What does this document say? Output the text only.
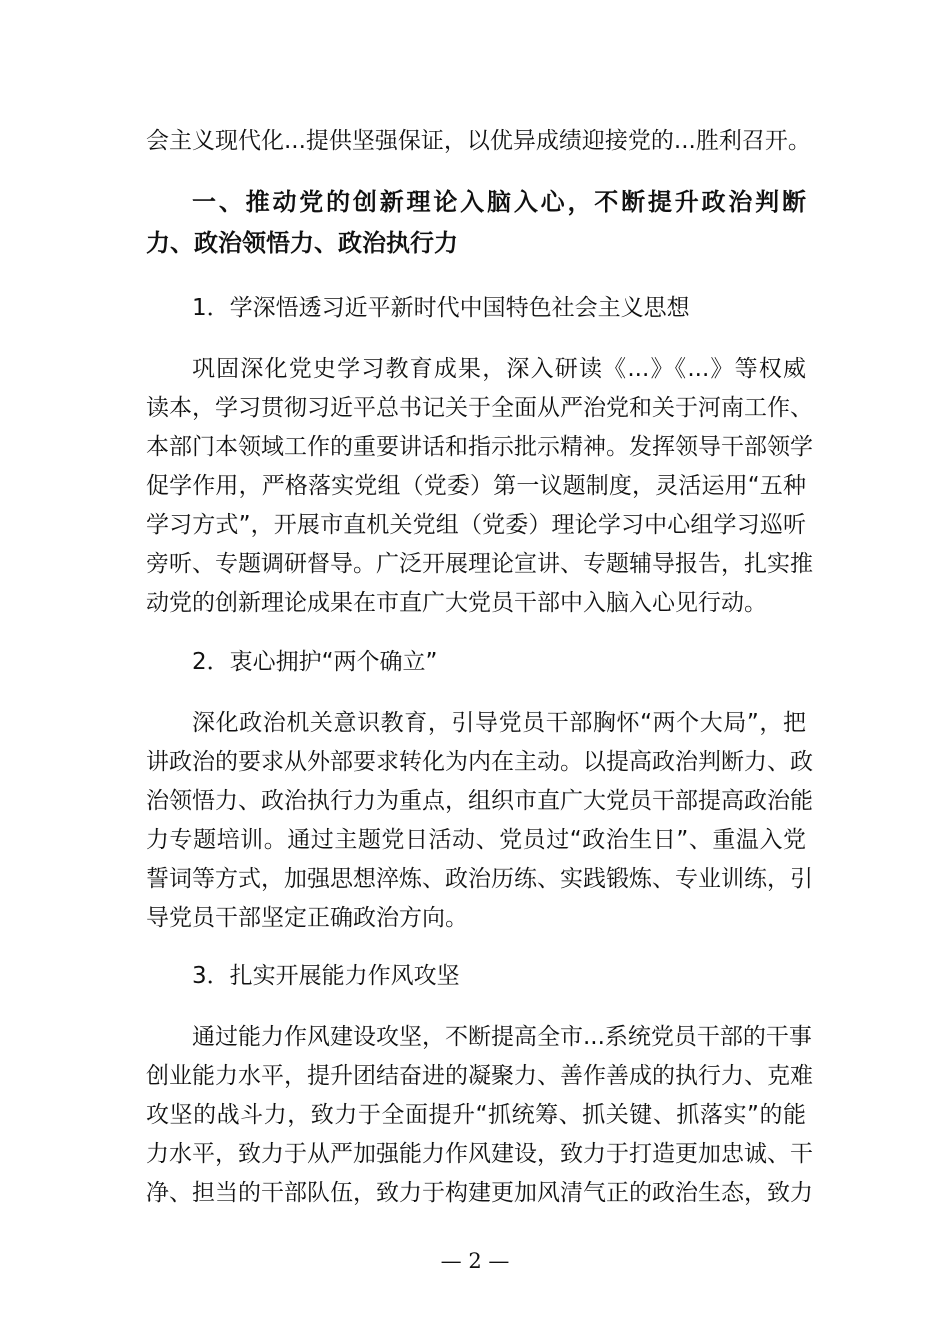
会主义现代化...提供坚强保证，以优异成绩迎接党的...胜利召开。
一、推动党的创新理论入脑入心，不断提升政治判断
力、政治领悟力、政治执行力
1．学深悟透习近平新时代中国特色社会主义思想
巩固深化党史学习教育成果，深入研读《...》《...》等权威
读本，学习贯彻习近平总书记关于全面从严治党和关于河南工作、
本部门本领域工作的重要讲话和指示批示精神。发挥领导干部领学
促学作用，严格落实党组（党委）第一议题制度，灵活运用“五种
学习方式”，开展市直机关党组（党委）理论学习中心组学习巡听
旁听、专题调研督导。广泛开展理论宣讲、专题辅导报告，扎实推
动党的创新理论成果在市直广大党员干部中入脑入心见行动。
2．衷心拥护“两个确立”
深化政治机关意识教育，引导党员干部胸怀“两个大局”，把
讲政治的要求从外部要求转化为内在主动。以提高政治判断力、政
治领悟力、政治执行力为重点，组织市直广大党员干部提高政治能
力专题培训。通过主题党日活动、党员过“政治生日”、重温入党
誓词等方式，加强思想淬炼、政治历练、实践锻炼、专业训练，引
导党员干部坚定正确政治方向。
3．扎实开展能力作风攻坚
通过能力作风建设攻坚，不断提高全市...系统党员干部的干事
创业能力水平，提升团结奋进的凝聚力、善作善成的执行力、克难
攻坚的战斗力，致力于全面提升“抓统筹、抓关键、抓落实”的能
力水平，致力于从严加强能力作风建设，致力于打造更加忠诚、干
净、担当的干部队伍，致力于构建更加风清气正的政治生态，致力
— 2 —
